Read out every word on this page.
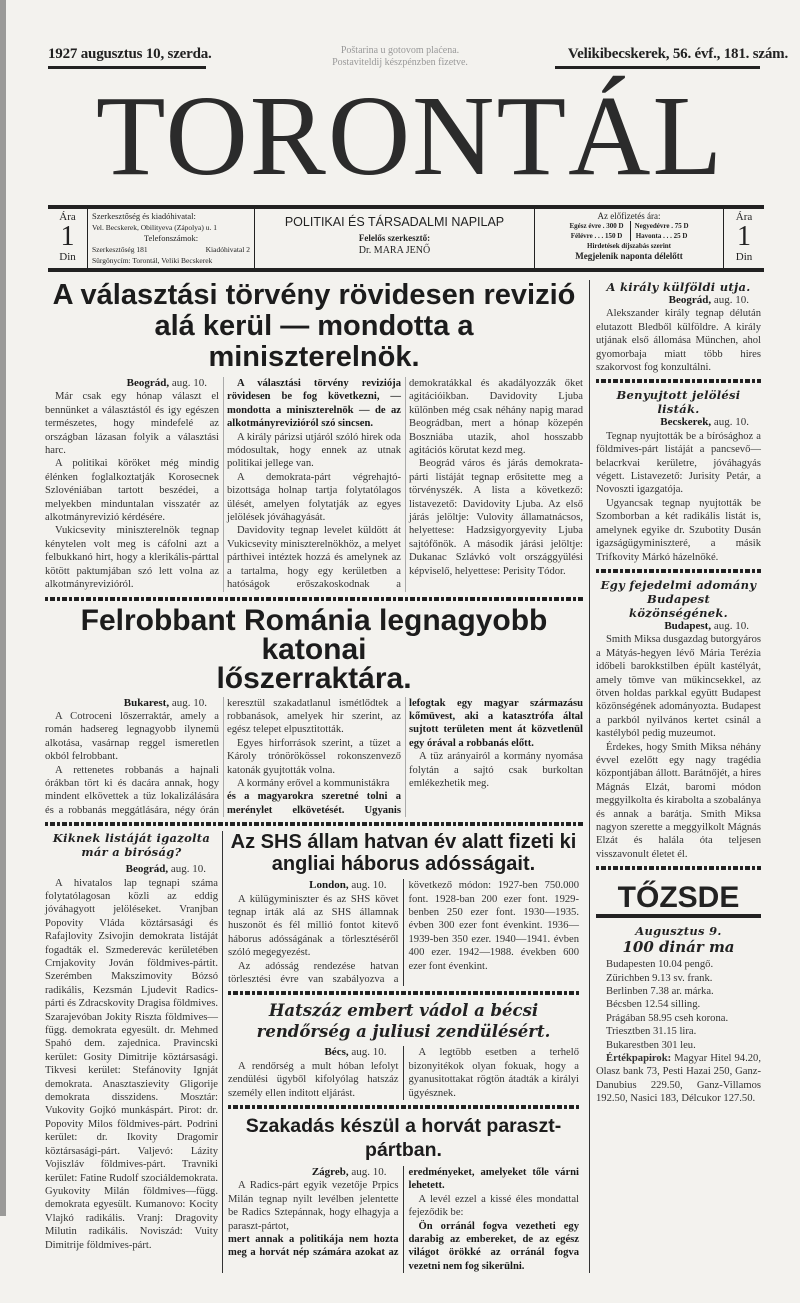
1927 augusztus 10, szerda.	Poštarina u gotovom plaćena.
Postaviteldij készpénzben fizetve.
Velikibecskerek, 56. évf., 181. szám.
TORONTÁL
Ára
1
Din
Szerkesztőség és kiadóhivatal:
Vel. Becskerek, Obilityeva (Zápolya) u. 1
Telefonszámok:
Szerkesztőség 181	Kiadóhivatal 2
Sürgönycím: Torontál, Veliki Becskerek
POLITIKAI ÉS TÁRSADALMI NAPILAP
Felelős szerkesztő:
Dr. MARA JENŐ
Az előfizetés ára:
Egész évre . 300 D
Félévre . . . 150 D
Negyedévre . 75 D
Havonta . . . 25 D
Hirdetések díjszabás szerint
Megjelenik naponta délelőtt
Ára
1
Din
A választási törvény rövidesen revizió alá kerül — mondotta a miniszterelnök.
Beográd, aug. 10.

Már csak egy hónap választ el bennünket a választástól és igy egészen természetes, hogy mindefelé az országban lázasan folyik a választási harc.

A politikai köröket még mindig élénken foglalkoztatják Korosecnek Szlovéniában tartott beszédei, a melyekben minduntalan visszatér az alkotmányrevizió kérdésére.

Vukicsevity miniszterelnök tegnap kénytelen volt meg is cáfolni azt a felbukkanó hirt, hogy a klerikális-párttal kötött paktumjában szó lett volna az alkotmányrevizióról.

A választási törvény reviziója rövidesen be fog következni, — mondotta a miniszterelnök — de az alkotmányrevizióról szó sincsen.

A király párizsi utjáról szóló hirek oda módosultak, hogy ennek az utnak politikai jellege van.

A demokrata-párt végrehajtó-bizottsága holnap tartja folytatólagos ülését, amelyen folytatják az egyes jelölések jóváhagyását.

Davidovity tegnap levelet küldött át Vukicsevity miniszterelnökhöz, a melyet párthivei intéztek hozzá és amelynek az a tartalma, hogy egy kerületben a hatóságok erőszakoskodnak a demokratákkal és akadályozzák őket agitációikban. Davidovity Ljuba különben még csak néhány napig marad Beográdban, mert a hónap közepén Boszniába utazik, ahol hosszabb agitációs körutat kezd meg.

Beográd város és járás demokrata-párti listáját tegnap erősitette meg a törvényszék. A lista a következő: listavezető: Davidovity Ljuba. Az első járás jelöltje: Vulovity államatnácsos, helyettese: Hadzsigyorgyevity Ljuba sajtófőnök. A második járási jelöltje: Dukanac Szlávkó volt országgyülési képviselő, helyettese: Perisity Tódor.

Felrobbant Románia legnagyobb katonai
lőszerraktára.
Bukarest, aug. 10.

A Cotroceni lőszerraktár, amely a román hadsereg legnagyobb ilynemü alkotása, vasárnap reggel ismeretlen okból felrobbant.

A rettenetes robbanás a hajnali órákban tört ki és dacára annak, hogy mindent elkövettek a tüz lokalizálására és a robbanás meggátlására, négy órán keresztül szakadatlanul ismétlődtek a robbanások, amelyek hir szerint, az egész telepet elpusztitották.

Egyes hirforrások szerint, a tüzet a Károly trónörökössel rokonszenvező katonák gyujtották volna.

A kormány erővel a kommunistákra

és a magyarokra szeretné tolni a merénylet elkövetését. Ugyanis lefogtak egy magyar származásu kőmüvest, aki a katasztrófa által sujtott területen ment át közvetlenül egy órával a robbanás előtt.

A tüz arányairól a kormány nyomása folytán a sajtó csak burkoltan emlékezhetik meg.

Kiknek listáját igazolta már a biróság?
Beográd, aug. 10.

A hivatalos lap tegnapi száma folytatólagosan közli az eddig jóváhagyott jelöléseket. Vranjban Popovity Vláda köztársasági és Rafajlovity Zsivojin demokrata listáját fogadták el. Szmederevác kerületében Crnjakovity Jován földmives-pártit. Szerémben Makszimovity Bózsó radikális, Kezsmán Ljudevit Radics-párti és Zdracskovity Dragisa földmives. Szarajevóban Jokity Riszta földmives—függ. demokrata egyesült. dr. Mehmed Spahó dem. zajednica. Pravincski kerület: Gosity Dimitrije köztársasági. Tikvesi kerület: Stefánovity Ignját demokrata. Anasztaszievity Gligorije demokrata disszidens. Mosztár: Vukovity Gojkó munkáspárt. Pirot: dr. Popovity Milos földmives-párt. Podrini kerület: dr. Ikovity Dragomir köztársasági-párt. Valjevó: Lázity Vojiszláv földmives-párt. Travniki kerület: Fatine Rudolf szociáldemokrata. Gyukovity Milán földmives—függ. demokrata egyesült. Kumanovo: Kocity Vlajkó radikális. Vranj: Dragovity Milutin radikális. Noviszád: Vuity Dimitrije földmives-párt.

Az SHS állam hatvan év alatt fizeti ki angliai háborus adósságait.
London, aug. 10.

A külügyminiszter és az SHS követ tegnap irták alá az SHS államnak huszonöt és fél millió fontot kitevő háborus adósságának a törlesztéséről szóló megegyezést.

Az adósság rendezése hatvan törlesztési évre van szabályozva a következő módon: 1927-ben 750.000 font. 1928-ban 200 ezer font. 1929-benben 250 ezer font. 1930—1935. évben 300 ezer font évenkint. 1936—1939-ben 350 ezer. 1940—1941. évben 400 ezer. 1942—1988. években 600 ezer font évenkint.

Hatszáz embert vádol a bécsi rendőrség a juliusi zendülésért.
Bécs, aug. 10.

A rendőrség a mult hóban lefolyt zendülési ügyből kifolyólag hatszáz személy ellen inditott eljárást.

A legtöbb esetben a terhelő bizonyitékok olyan fokuak, hogy a gyanusitottakat rögtön átadták a királyi ügyésznek.

Szakadás készül a horvát paraszt-pártban.
Zágreb, aug. 10.

A Radics-párt egyik vezetője Prpics Milán tegnap nyilt levélben jelentette be Radics Sztepánnak, hogy elhagyja a paraszt-pártot,

mert annak a politikája nem hozta meg a horvát nép számára azokat az eredményeket, amelyeket tőle várni lehetett.

A levél ezzel a kissé éles mondattal fejeződik be:

Ön orránál fogva vezetheti egy darabig az embereket, de az egész világot örökké az orránál fogva vezetni nem fog sikerülni.

A király külföldi utja.
Beográd, aug. 10.

Alekszander király tegnap délután elutazott Bledből külföldre. A király utjának első állomása München, ahol gyomorbaja miatt több hires szakorvost fog konzultálni.

Benyujtott jelölési listák.
Becskerek, aug. 10.

Tegnap nyujtották be a bírósághoz a földmives-párt listáját a pancsevő—belacrkvai kerületre, jóváhagyás végett. Listavezető: Jurisity Petár, a Novoszti igazgatója.

Ugyancsak tegnap nyujtották be Szomborban a két radikális listát is, amelynek egyike dr. Szubotity Dusán igazságügyminiszteré, a másik Trifkovity Márkó házelnöké.

Egy fejedelmi adomány Budapest közönségének.
Budapest, aug. 10.

Smith Miksa dusgazdag butorgyáros a Mátyás-hegyen lévő Mária Terézia időbeli barokkstilben épült kastélyát, amely tömve van műkincsekkel, az ötven holdas parkkal együtt Budapest közönségének adományozta. Budapest a parkból nyilvános kertet csinál a kastélyból pedig muzeumot.

Érdekes, hogy Smith Miksa néhány évvel ezelőtt egy nagy tragédia központjában állott. Barátnőjét, a hires Mágnás Elzát, baromi módon meggyilkolta és kirabolta a szobalánya és annak a barátja. Smith Miksa nagyon szerette a meggyilkolt Mágnás Elzát és halála óta teljesen visszavonult életet él.

TŐZSDE
Augusztus 9.
100 dinár ma
Budapesten 10.04 pengő.
Zürichben 9.13 sv. frank.
Berlinben 7.38 ar. márka.
Bécsben 12.54 silling.
Prágában 58.95 cseh korona.
Triesztben 31.15 lira.
Bukarestben 301 leu.

Értékpapirok: Magyar Hitel 94.20, Olasz bank 73, Pesti Hazai 250, Ganz-Danubius 229.50, Ganz-Villamos 192.50, Nasici 183, Délcukor 127.50.
